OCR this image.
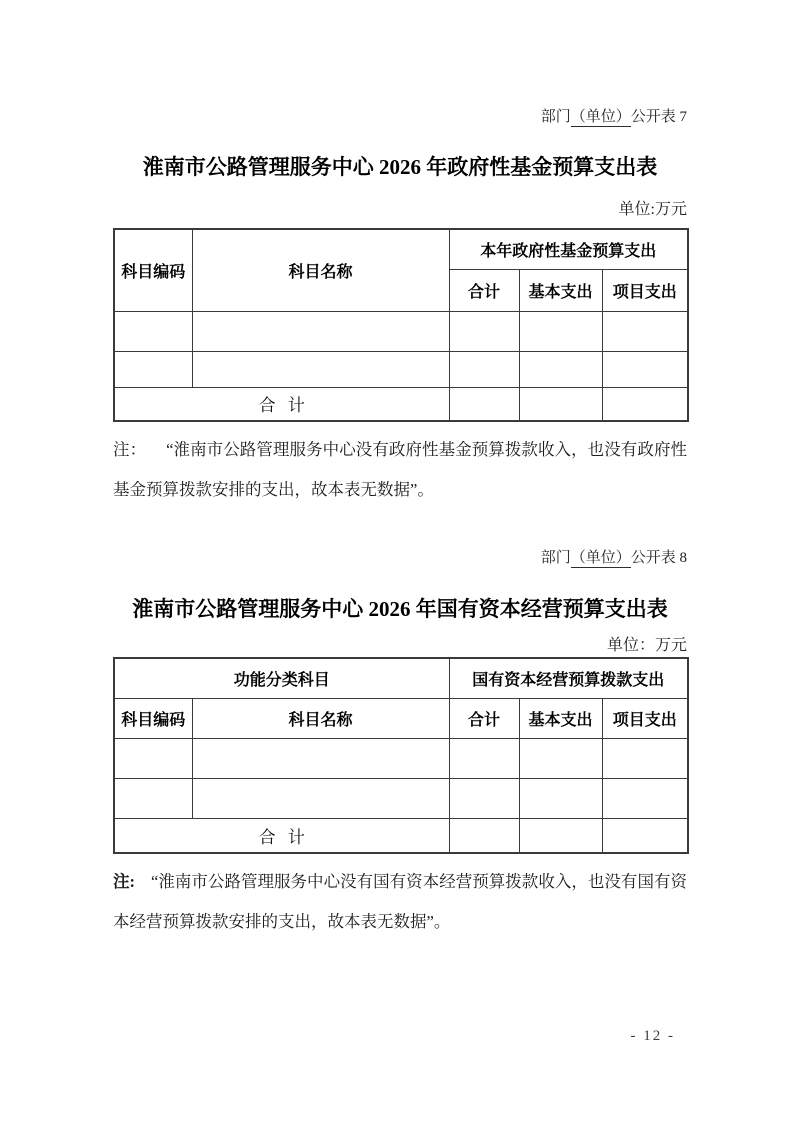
部门（单位）公开表 7
淮南市公路管理服务中心 2026 年政府性基金预算支出表
单位:万元
科目编码	科目名称	本年政府性基金预算支出		
		合计	基本支出	项目支出

合 计				
注： “淮南市公路管理服务中心没有政府性基金预算拨款收入，也没有政府性基金预算拨款安排的支出，故本表无数据”。
部门（单位）公开表 8
淮南市公路管理服务中心 2026 年国有资本经营预算支出表
单位：万元
功能分类科目		国有资本经营预算拨款支出		
科目编码	科目名称	合计	基本支出	项目支出

合 计				
注: “淮南市公路管理服务中心没有国有资本经营预算拨款收入，也没有国有资本经营预算拨款安排的支出，故本表无数据”。
- 12 -
